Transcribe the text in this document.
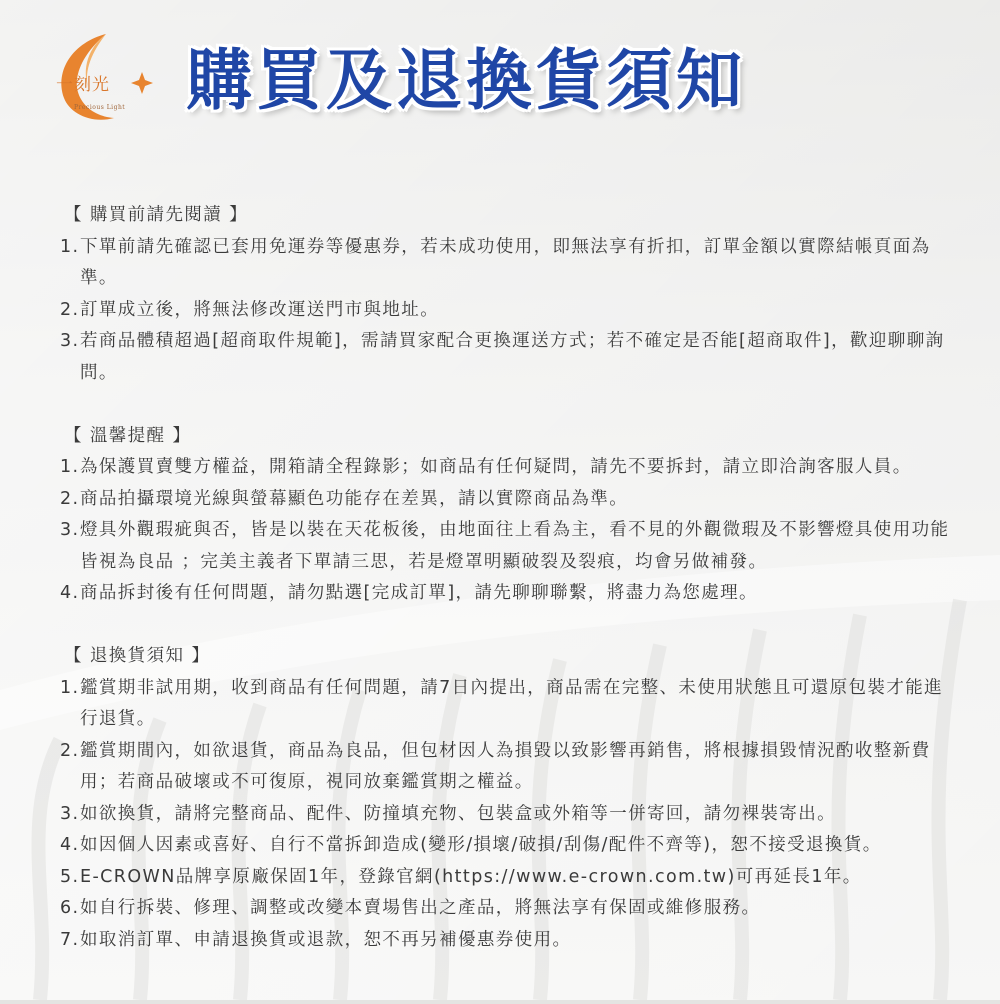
一刻光
Precious Light 購買及退換貨須知
【 購買前請先閱讀 】
1. 下單前請先確認已套用免運券等優惠券，若未成功使用，即無法享有折扣，訂單金額以實際結帳頁面為準。
2. 訂單成立後，將無法修改運送門市與地址。
3. 若商品體積超過[超商取件規範]，需請買家配合更換運送方式；若不確定是否能[超商取件]，歡迎聊聊詢問。
【 溫馨提醒 】
1. 為保護買賣雙方權益，開箱請全程錄影；如商品有任何疑問，請先不要拆封，請立即洽詢客服人員。
2. 商品拍攝環境光線與螢幕顯色功能存在差異，請以實際商品為準。
3. 燈具外觀瑕疵與否，皆是以裝在天花板後，由地面往上看為主，看不見的外觀微瑕及不影響燈具使用功能皆視為良品 ；完美主義者下單請三思，若是燈罩明顯破裂及裂痕，均會另做補發。
4. 商品拆封後有任何問題，請勿點選[完成訂單]，請先聊聊聯繫，將盡力為您處理。
【 退換貨須知 】
1. 鑑賞期非試用期，收到商品有任何問題，請7日內提出，商品需在完整、未使用狀態且可還原包裝才能進行退貨。
2. 鑑賞期間內，如欲退貨，商品為良品，但包材因人為損毀以致影響再銷售，將根據損毀情況酌收整新費用；若商品破壞或不可復原，視同放棄鑑賞期之權益。
3. 如欲換貨，請將完整商品、配件、防撞填充物、包裝盒或外箱等一併寄回，請勿裸裝寄出。
4. 如因個人因素或喜好、自行不當拆卸造成(變形/損壞/破損/刮傷/配件不齊等)，恕不接受退換貨。
5. E-CROWN品牌享原廠保固1年，登錄官網(https://www.e-crown.com.tw)可再延長1年。
6. 如自行拆裝、修理、調整或改變本賣場售出之產品，將無法享有保固或維修服務。
7. 如取消訂單、申請退換貨或退款，恕不再另補優惠券使用。
